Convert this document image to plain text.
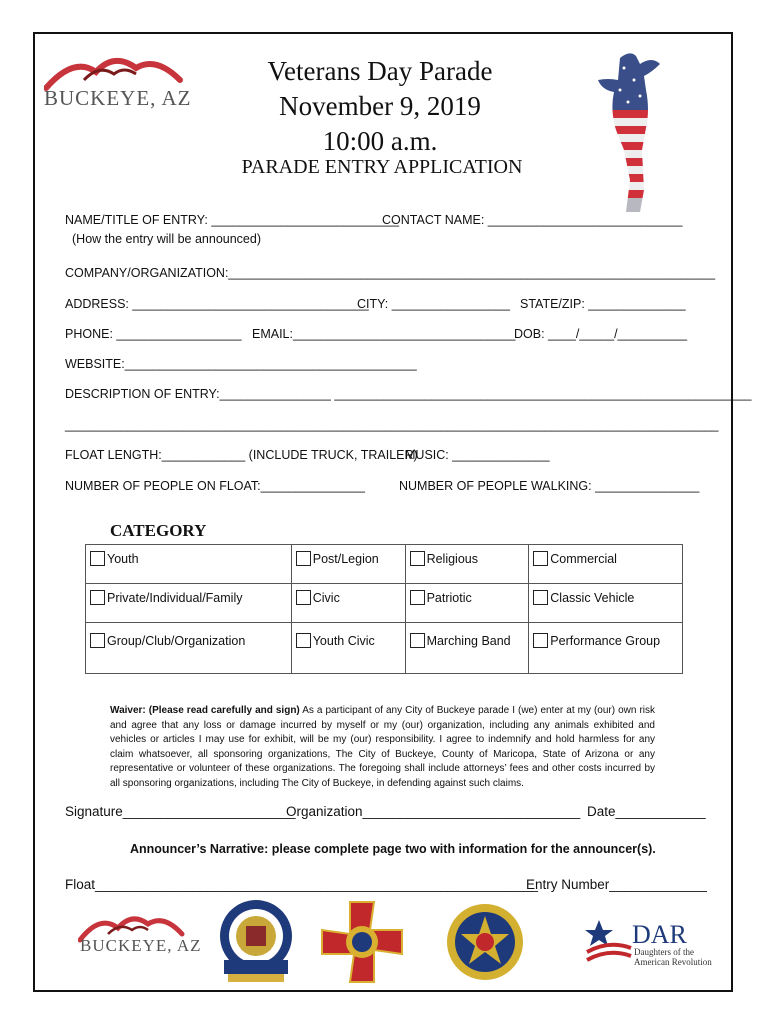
BUCKEYE, AZ
Veterans Day Parade
November 9, 2019
10:00 a.m.
PARADE ENTRY APPLICATION
NAME/TITLE OF ENTRY: ___________________________
CONTACT NAME: ____________________________
(How the entry will be announced)
COMPANY/ORGANIZATION:______________________________________________________________________
ADDRESS: __________________________________
CITY: _________________ STATE/ZIP: ______________
PHONE: __________________ EMAIL:________________________________
DOB: ____/_____/__________
WEBSITE:__________________________________________
DESCRIPTION OF ENTRY:________________ ____________________________________________________________
______________________________________________________________________________________________
FLOAT LENGTH:____________ (INCLUDE TRUCK, TRAILER)
MUSIC: ______________
NUMBER OF PEOPLE ON FLOAT:_______________	NUMBER OF PEOPLE WALKING: _______________
CATEGORY
Youth	Post/Legion	Religious	Commercial
Private/Individual/Family	Civic	Patriotic	Classic Vehicle
Group/Club/Organization	Youth Civic	Marching Band	Performance Group
Waiver: (Please read carefully and sign) As a participant of any City of Buckeye parade I (we) enter at my (our) own risk and agree that any loss or damage incurred by myself or my (our) organization, including any animals exhibited and vehicles or articles I may use for exhibit, will be my (our) responsibility. I agree to indemnify and hold harmless for any claim whatsoever, all sponsoring organizations, The City of Buckeye, County of Maricopa, State of Arizona or any representative or volunteer of these organizations. The foregoing shall include attorneys’ fees and other costs incurred by all sponsoring organizations, including The City of Buckeye, in defending against such claims.
Signature_______________________
Organization_____________________________ Date____________
Announcer’s Narrative: please complete page two with information for the announcer(s).
Float___________________________________________________________
Entry Number_____________
BUCKEYE, AZ	DAR
Daughters of the
American Revolution
